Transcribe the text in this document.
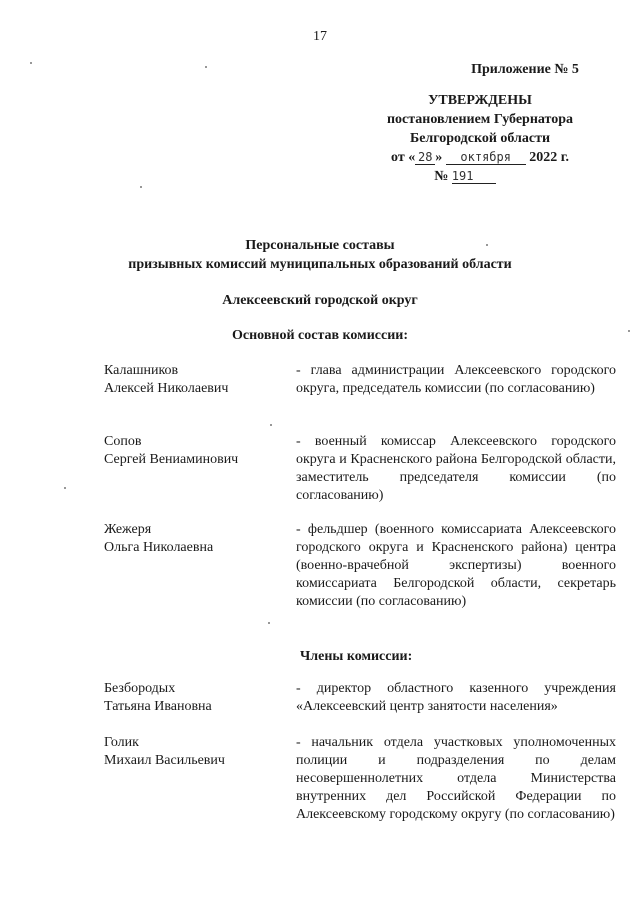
17
Приложение № 5
УТВЕРЖДЕНЫ
постановлением Губернатора
Белгородской области
от « 28 » октября 2022 г.
№ 191
Персональные составы
призывных комиссий муниципальных образований области
Алексеевский городской округ
Основной состав комиссии:
Калашников
Алексей Николаевич
- глава администрации Алексеевского городского округа, председатель комиссии (по согласованию)
Сопов
Сергей Вениаминович
- военный комиссар Алексеевского городского округа и Красненского района Белгородской области, заместитель председателя комиссии (по согласованию)
Жежеря
Ольга Николаевна
- фельдшер (военного комиссариата Алексеевского городского округа и Красненского района) центра (военно-врачебной экспертизы) военного комиссариата Белгородской области, секретарь комиссии (по согласованию)
Члены комиссии:
Безбородых
Татьяна Ивановна
- директор областного казенного учреждения «Алексеевский центр занятости населения»
Голик
Михаил Васильевич
- начальник отдела участковых уполномоченных полиции и подразделения по делам несовершеннолетних отдела Министерства внутренних дел Российской Федерации по Алексеевскому городскому округу (по согласованию)
